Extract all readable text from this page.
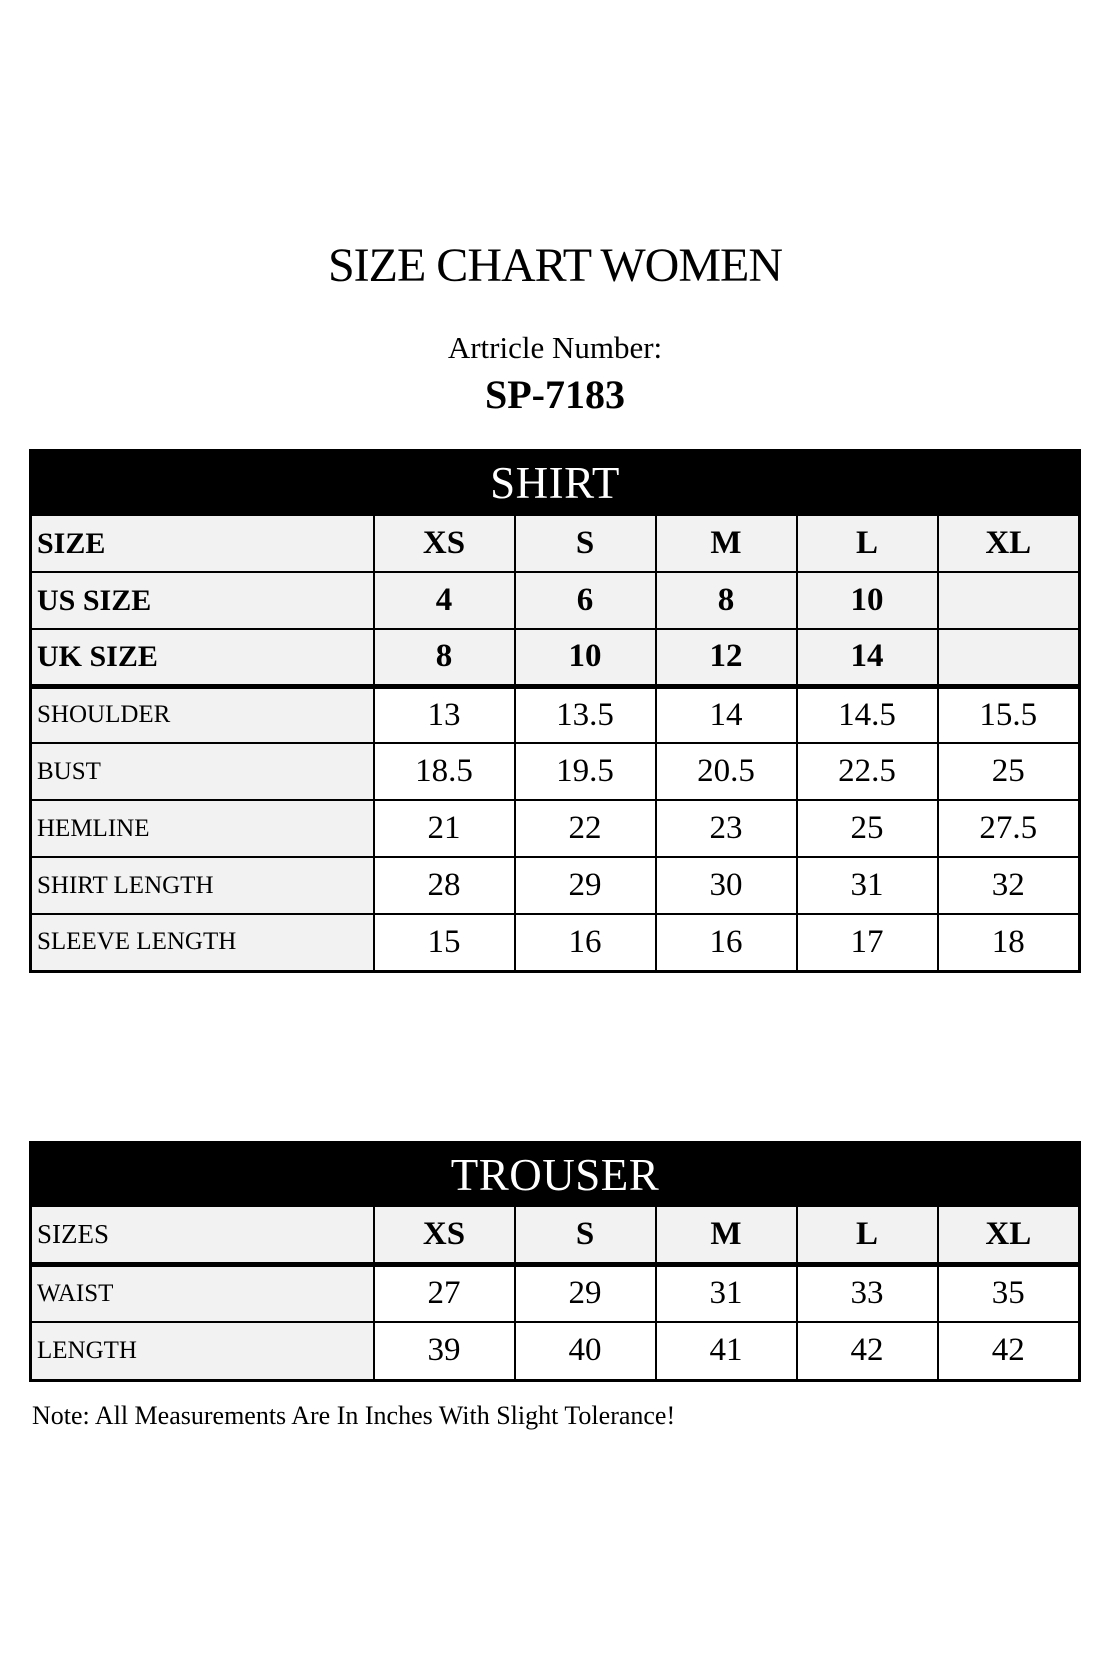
SIZE CHART WOMEN
Artricle Number:
SP-7183
SHIRT					
SIZE	XS	S	M	L	XL
US SIZE	4	6	8	10	
UK SIZE	8	10	12	14	
SHOULDER	13	13.5	14	14.5	15.5
BUST	18.5	19.5	20.5	22.5	25
HEMLINE	21	22	23	25	27.5
SHIRT LENGTH	28	29	30	31	32
SLEEVE LENGTH	15	16	16	17	18
TROUSER					
SIZES	XS	S	M	L	XL
WAIST	27	29	31	33	35
LENGTH	39	40	41	42	42
Note: All Measurements Are In Inches With Slight Tolerance!
